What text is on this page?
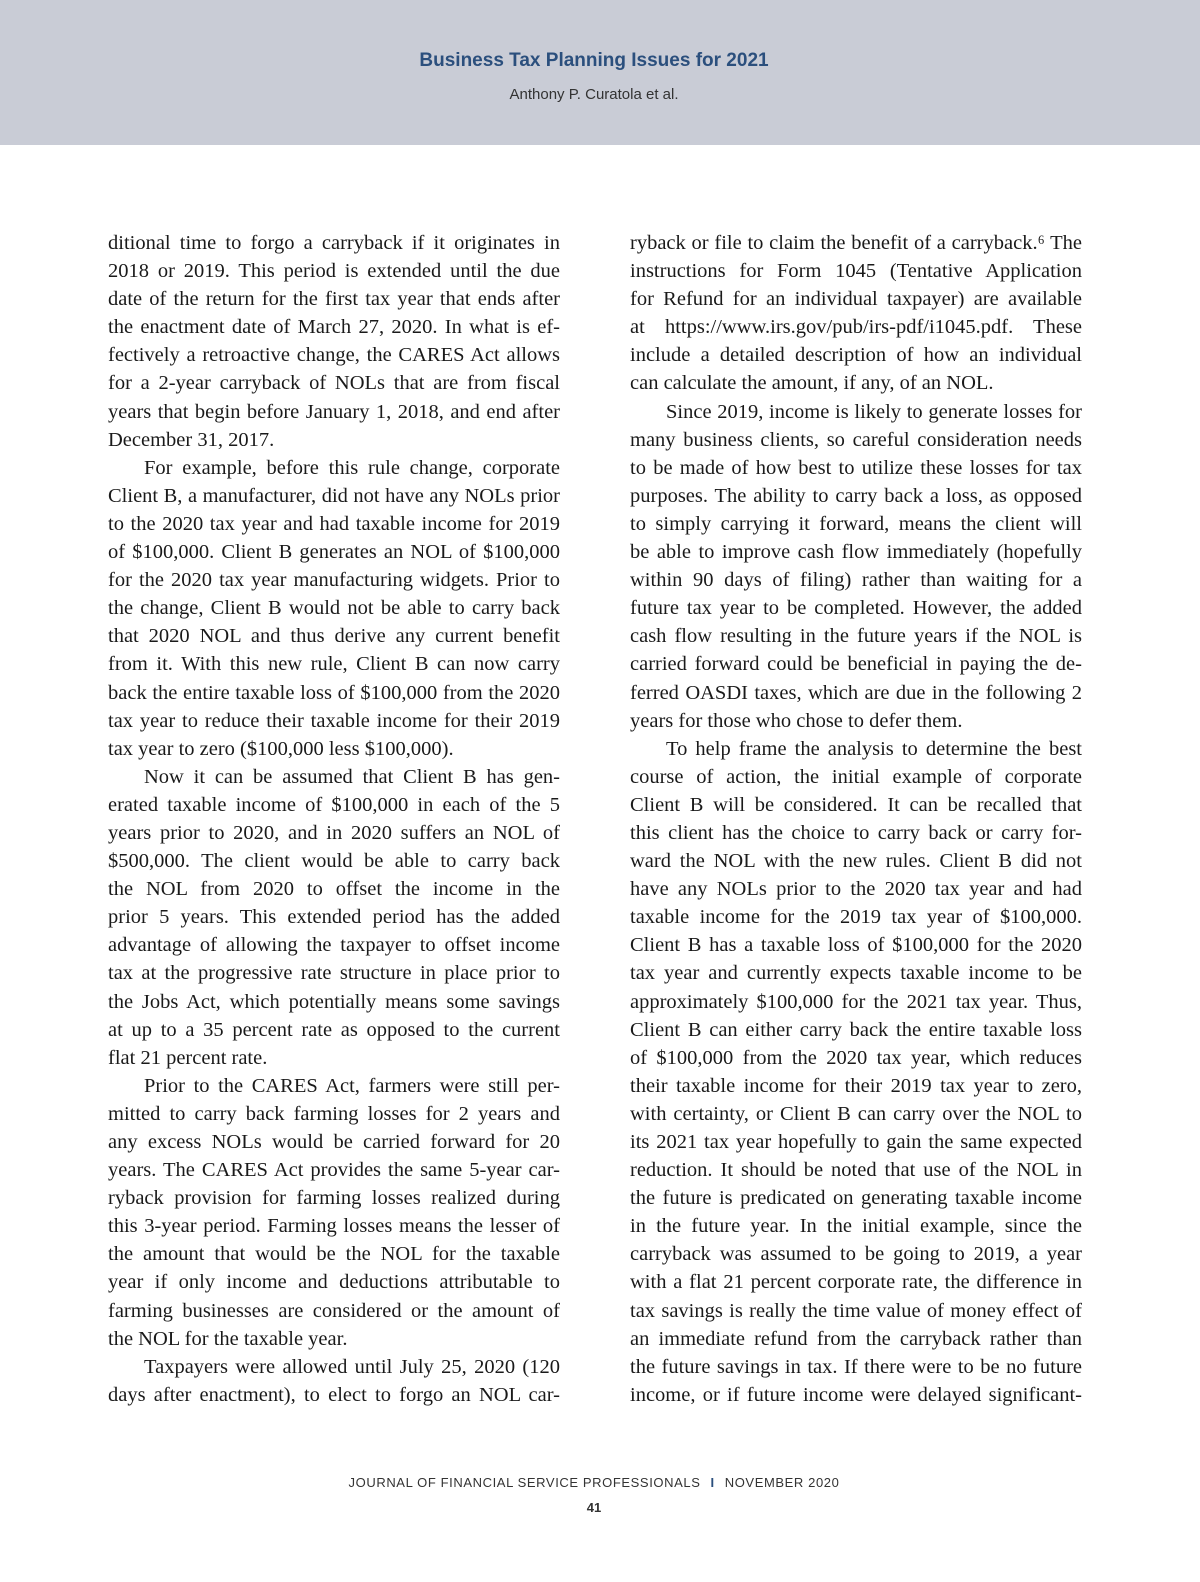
Business Tax Planning Issues for 2021
Anthony P. Curatola et al.
ditional time to forgo a carryback if it originates in
2018 or 2019. This period is extended until the due
date of the return for the first tax year that ends after
the enactment date of March 27, 2020. In what is ef-
fectively a retroactive change, the CARES Act allows
for a 2-year carryback of NOLs that are from fiscal
years that begin before January 1, 2018, and end after
December 31, 2017.
For example, before this rule change, corporate
Client B, a manufacturer, did not have any NOLs prior
to the 2020 tax year and had taxable income for 2019
of $100,000. Client B generates an NOL of $100,000
for the 2020 tax year manufacturing widgets. Prior to
the change, Client B would not be able to carry back
that 2020 NOL and thus derive any current benefit
from it. With this new rule, Client B can now carry
back the entire taxable loss of $100,000 from the 2020
tax year to reduce their taxable income for their 2019
tax year to zero ($100,000 less $100,000).
Now it can be assumed that Client B has gen-
erated taxable income of $100,000 in each of the 5
years prior to 2020, and in 2020 suffers an NOL of
$500,000. The client would be able to carry back
the NOL from 2020 to offset the income in the
prior 5 years. This extended period has the added
advantage of allowing the taxpayer to offset income
tax at the progressive rate structure in place prior to
the Jobs Act, which potentially means some savings
at up to a 35 percent rate as opposed to the current
flat 21 percent rate.
Prior to the CARES Act, farmers were still per-
mitted to carry back farming losses for 2 years and
any excess NOLs would be carried forward for 20
years. The CARES Act provides the same 5-year car-
ryback provision for farming losses realized during
this 3-year period. Farming losses means the lesser of
the amount that would be the NOL for the taxable
year if only income and deductions attributable to
farming businesses are considered or the amount of
the NOL for the taxable year.
Taxpayers were allowed until July 25, 2020 (120
days after enactment), to elect to forgo an NOL car-
ryback or file to claim the benefit of a carryback.⁶ The
instructions for Form 1045 (Tentative Application
for Refund for an individual taxpayer) are available
at https://www.irs.gov/pub/irs-pdf/i1045.pdf. These
include a detailed description of how an individual
can calculate the amount, if any, of an NOL.
Since 2019, income is likely to generate losses for
many business clients, so careful consideration needs
to be made of how best to utilize these losses for tax
purposes. The ability to carry back a loss, as opposed
to simply carrying it forward, means the client will
be able to improve cash flow immediately (hopefully
within 90 days of filing) rather than waiting for a
future tax year to be completed. However, the added
cash flow resulting in the future years if the NOL is
carried forward could be beneficial in paying the de-
ferred OASDI taxes, which are due in the following 2
years for those who chose to defer them.
To help frame the analysis to determine the best
course of action, the initial example of corporate
Client B will be considered. It can be recalled that
this client has the choice to carry back or carry for-
ward the NOL with the new rules. Client B did not
have any NOLs prior to the 2020 tax year and had
taxable income for the 2019 tax year of $100,000.
Client B has a taxable loss of $100,000 for the 2020
tax year and currently expects taxable income to be
approximately $100,000 for the 2021 tax year. Thus,
Client B can either carry back the entire taxable loss
of $100,000 from the 2020 tax year, which reduces
their taxable income for their 2019 tax year to zero,
with certainty, or Client B can carry over the NOL to
its 2021 tax year hopefully to gain the same expected
reduction. It should be noted that use of the NOL in
the future is predicated on generating taxable income
in the future year. In the initial example, since the
carryback was assumed to be going to 2019, a year
with a flat 21 percent corporate rate, the difference in
tax savings is really the time value of money effect of
an immediate refund from the carryback rather than
the future savings in tax. If there were to be no future
income, or if future income were delayed significant-
JOURNAL OF FINANCIAL SERVICE PROFESSIONALS I NOVEMBER 2020
41
